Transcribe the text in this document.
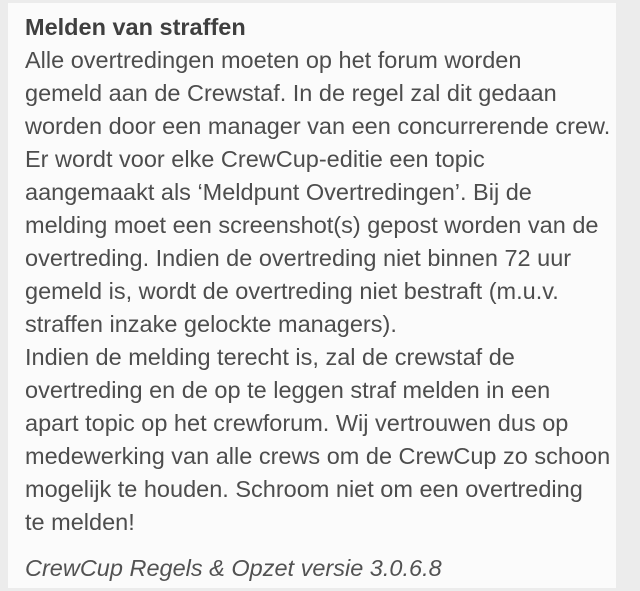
Melden van straffen
Alle overtredingen moeten op het forum worden
gemeld aan de Crewstaf. In de regel zal dit gedaan
worden door een manager van een concurrerende crew.
Er wordt voor elke CrewCup-editie een topic
aangemaakt als ‘Meldpunt Overtredingen’. Bij de
melding moet een screenshot(s) gepost worden van de
overtreding. Indien de overtreding niet binnen 72 uur
gemeld is, wordt de overtreding niet bestraft (m.u.v.
straffen inzake gelockte managers).
Indien de melding terecht is, zal de crewstaf de
overtreding en de op te leggen straf melden in een
apart topic op het crewforum. Wij vertrouwen dus op
medewerking van alle crews om de CrewCup zo schoon
mogelijk te houden. Schroom niet om een overtreding
te melden!
CrewCup Regels & Opzet versie 3.0.6.8
